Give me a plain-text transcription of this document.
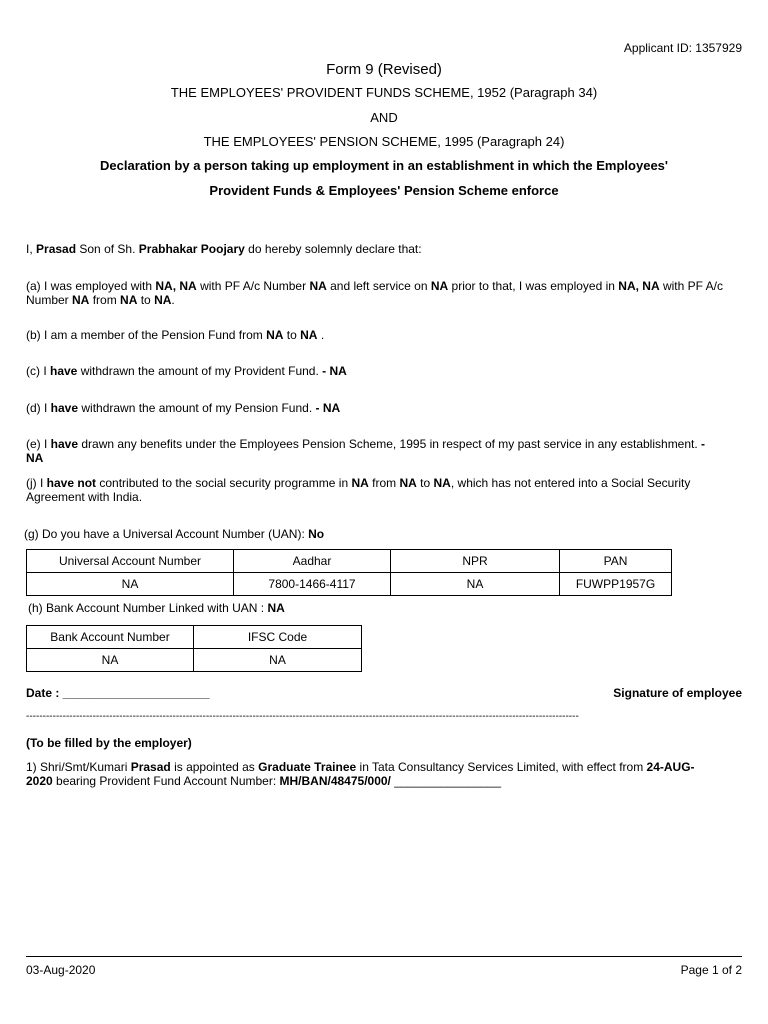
Applicant ID: 1357929
Form 9 (Revised)
THE EMPLOYEES' PROVIDENT FUNDS SCHEME, 1952 (Paragraph 34)
AND
THE EMPLOYEES' PENSION SCHEME, 1995 (Paragraph 24)
Declaration by a person taking up employment in an establishment in which the Employees'
Provident Funds & Employees' Pension Scheme enforce
I, Prasad Son of Sh. Prabhakar Poojary do hereby solemnly declare that:
(a) I was employed with NA, NA with PF A/c Number NA and left service on NA prior to that, I was employed in NA, NA with PF A/c Number NA from NA to NA.
(b) I am a member of the Pension Fund from NA to NA .
(c) I have withdrawn the amount of my Provident Fund. - NA
(d) I have withdrawn the amount of my Pension Fund. - NA
(e) I have drawn any benefits under the Employees Pension Scheme, 1995 in respect of my past service in any establishment. - NA
(j) I have not contributed to the social security programme in NA from NA to NA, which has not entered into a Social Security Agreement with India.
(g) Do you have a Universal Account Number (UAN): No
Universal Account Number	Aadhar	NPR	PAN
NA	7800-1466-4117	NA	FUWPP1957G
(h) Bank Account Number Linked with UAN : NA
Bank Account Number	IFSC Code
NA	NA
Date : ______________________	Signature of employee
----------------------------------------------------------------------------------------------------------------------------------------------------------------------
(To be filled by the employer)
1) Shri/Smt/Kumari Prasad is appointed as Graduate Trainee in Tata Consultancy Services Limited, with effect from 24-AUG-2020 bearing Provident Fund Account Number: MH/BAN/48475/000/ ________________
03-Aug-2020	Page 1 of 2
